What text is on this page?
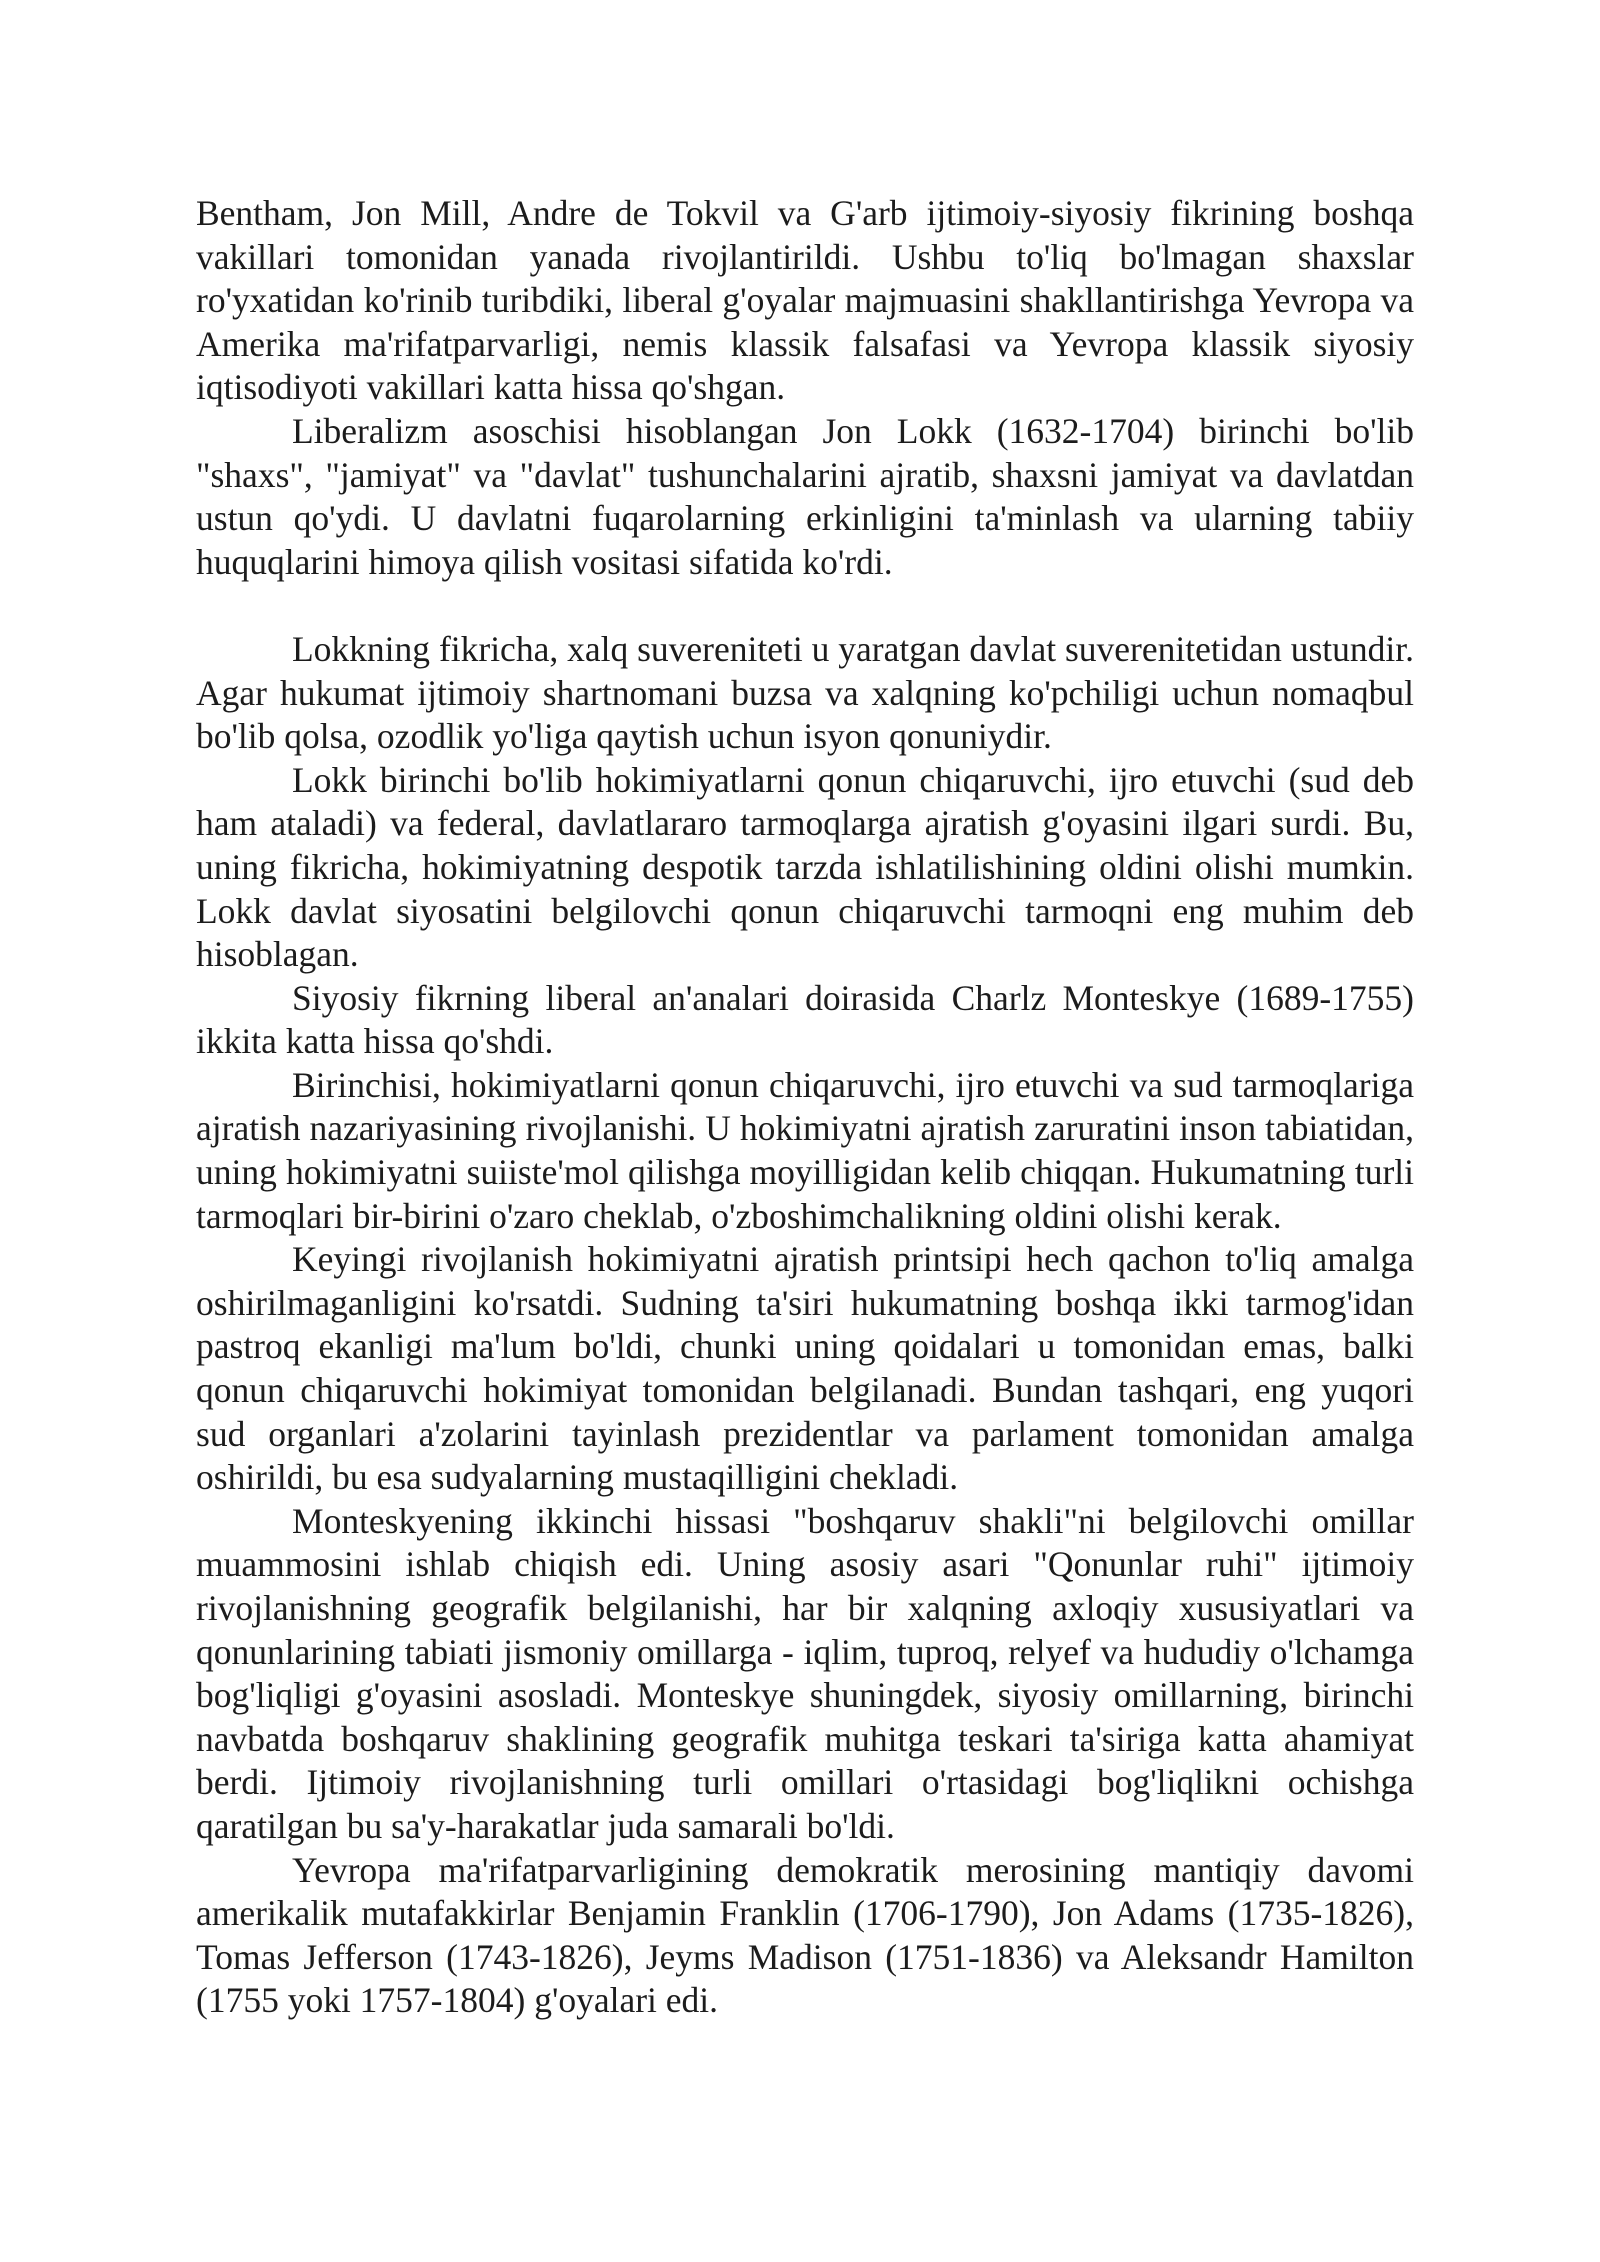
Bentham, Jon Mill, Andre de Tokvil va G'arb ijtimoiy-siyosiy fikrining boshqa vakillari tomonidan yanada rivojlantirildi. Ushbu to'liq bo'lmagan shaxslar ro'yxatidan ko'rinib turibdiki, liberal g'oyalar majmuasini shakllantirishga Yevropa va Amerika ma'rifatparvarligi, nemis klassik falsafasi va Yevropa klassik siyosiy iqtisodiyoti vakillari katta hissa qo'shgan.

Liberalizm asoschisi hisoblangan Jon Lokk (1632-1704) birinchi bo'lib "shaxs", "jamiyat" va "davlat" tushunchalarini ajratib, shaxsni jamiyat va davlatdan ustun qo'ydi. U davlatni fuqarolarning erkinligini ta'minlash va ularning tabiiy huquqlarini himoya qilish vositasi sifatida ko'rdi.

Lokkning fikricha, xalq suvereniteti u yaratgan davlat suverenitetidan ustundir. Agar hukumat ijtimoiy shartnomani buzsa va xalqning ko'pchiligi uchun nomaqbul bo'lib qolsa, ozodlik yo'liga qaytish uchun isyon qonuniydir.

Lokk birinchi bo'lib hokimiyatlarni qonun chiqaruvchi, ijro etuvchi (sud deb ham ataladi) va federal, davlatlararo tarmoqlarga ajratish g'oyasini ilgari surdi. Bu, uning fikricha, hokimiyatning despotik tarzda ishlatilishining oldini olishi mumkin. Lokk davlat siyosatini belgilovchi qonun chiqaruvchi tarmoqni eng muhim deb hisoblagan.

Siyosiy fikrning liberal an'analari doirasida Charlz Monteskye (1689-1755) ikkita katta hissa qo'shdi.

Birinchisi, hokimiyatlarni qonun chiqaruvchi, ijro etuvchi va sud tarmoqlariga ajratish nazariyasining rivojlanishi. U hokimiyatni ajratish zaruratini inson tabiatidan, uning hokimiyatni suiiste'mol qilishga moyilligidan kelib chiqqan. Hukumatning turli tarmoqlari bir-birini o'zaro cheklab, o'zboshimchalikning oldini olishi kerak.

Keyingi rivojlanish hokimiyatni ajratish printsipi hech qachon to'liq amalga oshirilmaganligini ko'rsatdi. Sudning ta'siri hukumatning boshqa ikki tarmog'idan pastroq ekanligi ma'lum bo'ldi, chunki uning qoidalari u tomonidan emas, balki qonun chiqaruvchi hokimiyat tomonidan belgilanadi. Bundan tashqari, eng yuqori sud organlari a'zolarini tayinlash prezidentlar va parlament tomonidan amalga oshirildi, bu esa sudyalarning mustaqilligini chekladi.

Monteskyening ikkinchi hissasi "boshqaruv shakli"ni belgilovchi omillar muammosini ishlab chiqish edi. Uning asosiy asari "Qonunlar ruhi" ijtimoiy rivojlanishning geografik belgilanishi, har bir xalqning axloqiy xususiyatlari va qonunlarining tabiati jismoniy omillarga - iqlim, tuproq, relyef va hududiy o'lchamga bog'liqligi g'oyasini asosladi. Monteskye shuningdek, siyosiy omillarning, birinchi navbatda boshqaruv shaklining geografik muhitga teskari ta'siriga katta ahamiyat berdi. Ijtimoiy rivojlanishning turli omillari o'rtasidagi bog'liqlikni ochishga qaratilgan bu sa'y-harakatlar juda samarali bo'ldi.

Yevropa ma'rifatparvarligining demokratik merosining mantiqiy davomi amerikalik mutafakkirlar Benjamin Franklin (1706-1790), Jon Adams (1735-1826), Tomas Jefferson (1743-1826), Jeyms Madison (1751-1836) va Aleksandr Hamilton (1755 yoki 1757-1804) g'oyalari edi.
